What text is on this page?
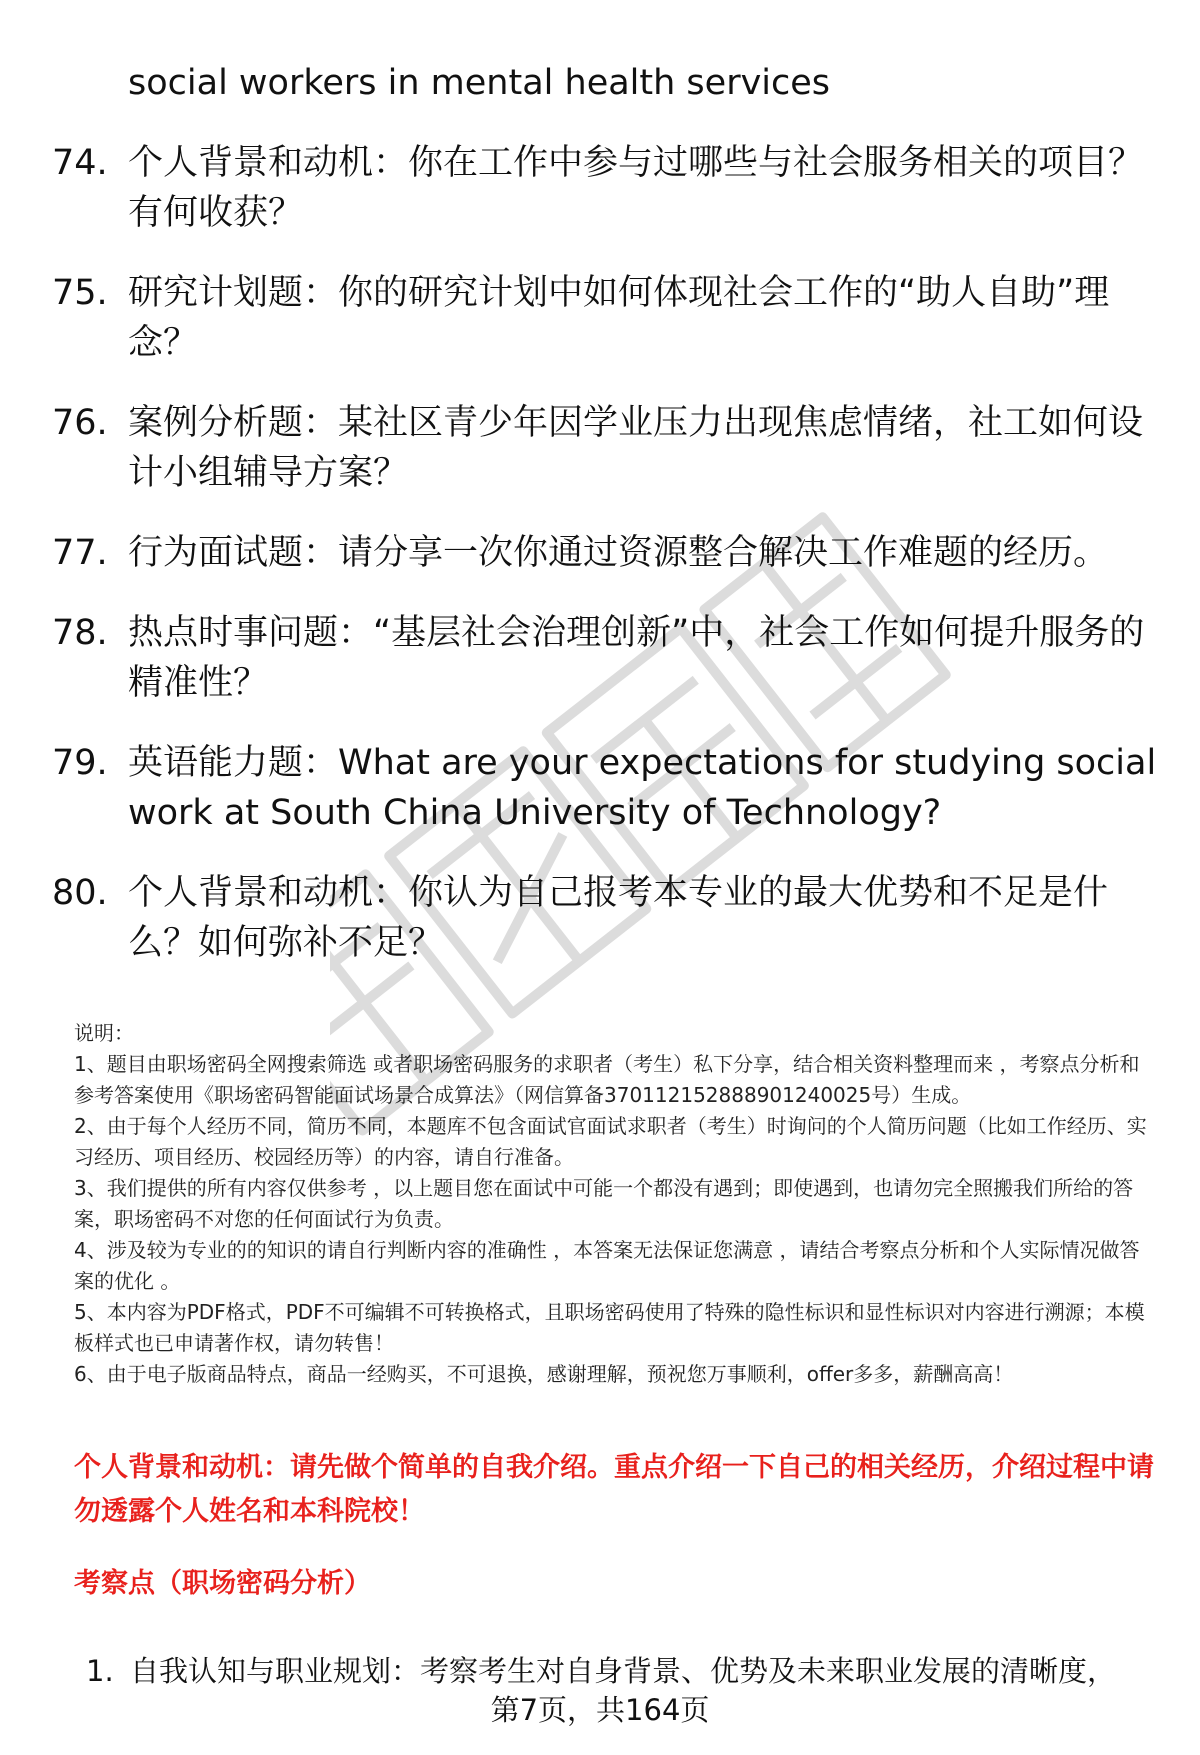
social workers in mental health services
74. 个人背景和动机：你在工作中参与过哪些与社会服务相关的项目？有何收获？
75. 研究计划题：你的研究计划中如何体现社会工作的“助人自助”理念？
76. 案例分析题：某社区青少年因学业压力出现焦虑情绪，社工如何设计小组辅导方案？
77. 行为面试题：请分享一次你通过资源整合解决工作难题的经历。
78. 热点时事问题：“基层社会治理创新”中，社会工作如何提升服务的精准性？
79. 英语能力题：What are your expectations for studying social work at South China University of Technology?
80. 个人背景和动机：你认为自己报考本专业的最大优势和不足是什么？如何弥补不足？

说明：

1、题目由职场密码全网搜索筛选 或者职场密码服务的求职者（考生）私下分享，结合相关资料整理而来 ，考察点分析和参考答案使用《职场密码智能面试场景合成算法》（网信算备370112152888901240025号）生成。

2、由于每个人经历不同，简历不同，本题库不包含面试官面试求职者（考生）时询问的个人简历问题（比如工作经历、实习经历、项目经历、校园经历等）的内容，请自行准备。

3、我们提供的所有内容仅供参考 ，以上题目您在面试中可能一个都没有遇到；即使遇到，也请勿完全照搬我们所给的答案，职场密码不对您的任何面试行为负责。

4、涉及较为专业的的知识的请自行判断内容的准确性 ，本答案无法保证您满意 ，请结合考察点分析和个人实际情况做答案的优化 。

5、本内容为PDF格式，PDF不可编辑不可转换格式，且职场密码使用了特殊的隐性标识和显性标识对内容进行溯源；本模板样式也已申请著作权，请勿转售！

6、由于电子版商品特点，商品一经购买，不可退换，感谢理解，预祝您万事顺利，offer多多，薪酬高高！

个人背景和动机：请先做个简单的自我介绍。重点介绍一下自己的相关经历，介绍过程中请勿透露个人姓名和本科院校！
考察点（职场密码分析）
1. 自我认知与职业规划：考察考生对自身背景、优势及未来职业发展的清晰度，
第7页，共164页
